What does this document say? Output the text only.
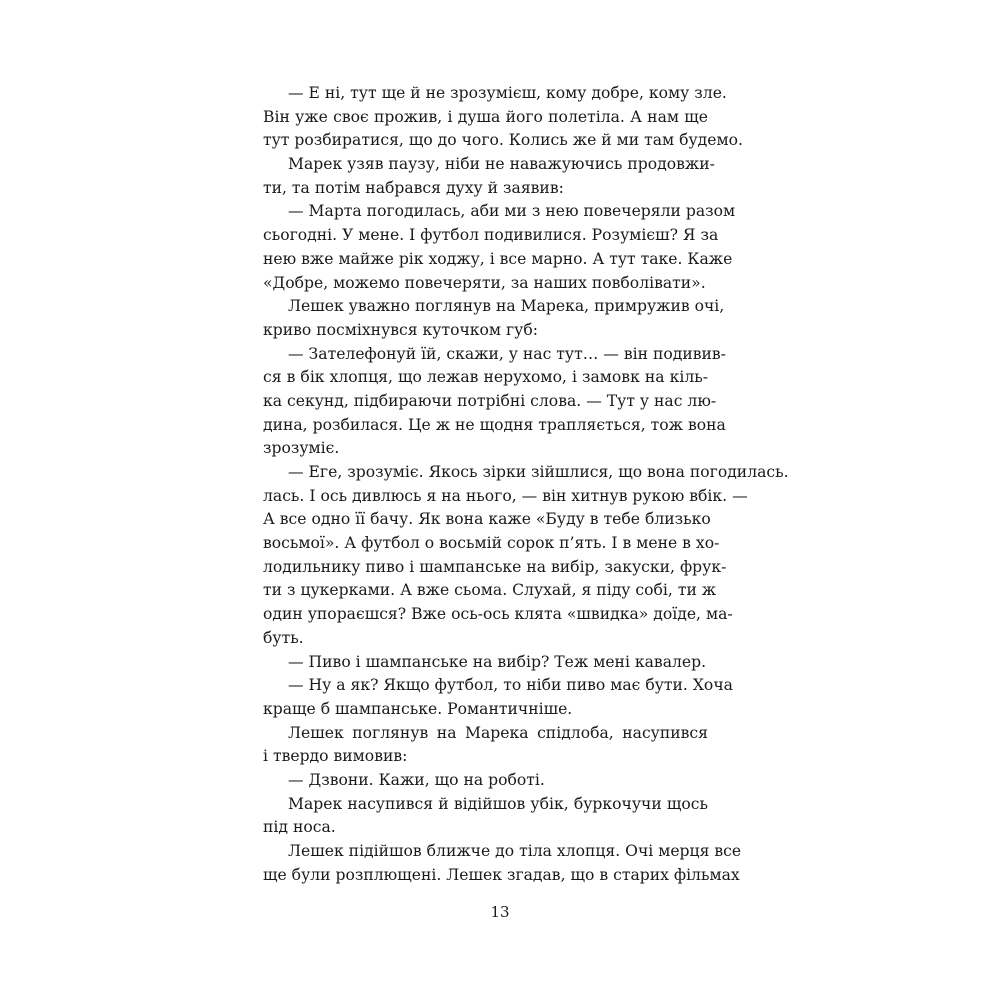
— Е ні, тут ще й не зрозумієш, кому добре, кому зле.
Він уже своє прожив, і душа його полетіла. А нам ще
тут розбиратися, що до чого. Колись же й ми там будемо.
Марек узяв паузу, ніби не наважуючись продовжи-
ти, та потім набрався духу й заявив:
— Марта погодилась, аби ми з нею повечеряли разом
сьогодні. У мене. І футбол подивилися. Розумієш? Я за
нею вже майже рік ходжу, і все марно. А тут таке. Каже
«Добре, можемо повечеряти, за наших повболівати».
Лешек уважно поглянув на Марека, примружив очі,
криво посміхнувся куточком губ:
— Зателефонуй їй, скажи, у нас тут… — він подивив-
ся в бік хлопця, що лежав нерухомо, і замовк на кіль-
ка секунд, підбираючи потрібні слова. — Тут у нас лю-
дина, розбилася. Це ж не щодня трапляється, тож вона
зрозуміє.
— Еге, зрозуміє. Якось зірки зійшлися, що вона погодилась.
лась. І ось дивлюсь я на нього, — він хитнув рукою вбік. —
А все одно її бачу. Як вона каже «Буду в тебе близько
восьмої». А футбол о восьмій сорок п’ять. І в мене в хо-
лодильнику пиво і шампанське на вибір, закуски, фрук-
ти з цукерками. А вже сьома. Слухай, я піду собі, ти ж
один упораєшся? Вже ось-ось клята «швидка» доїде, ма-
буть.
— Пиво і шампанське на вибір? Теж мені кавалер.
— Ну а як? Якщо футбол, то ніби пиво має бути. Хоча
краще б шампанське. Романтичніше.
Лешек поглянув на Марека спідлоба, насупився
і твердо вимовив:
— Дзвони. Кажи, що на роботі.
Марек насупився й відійшов убік, буркочучи щось
під носа.
Лешек підійшов ближче до тіла хлопця. Очі мерця все
ще були розплющені. Лешек згадав, що в старих фільмах
13
